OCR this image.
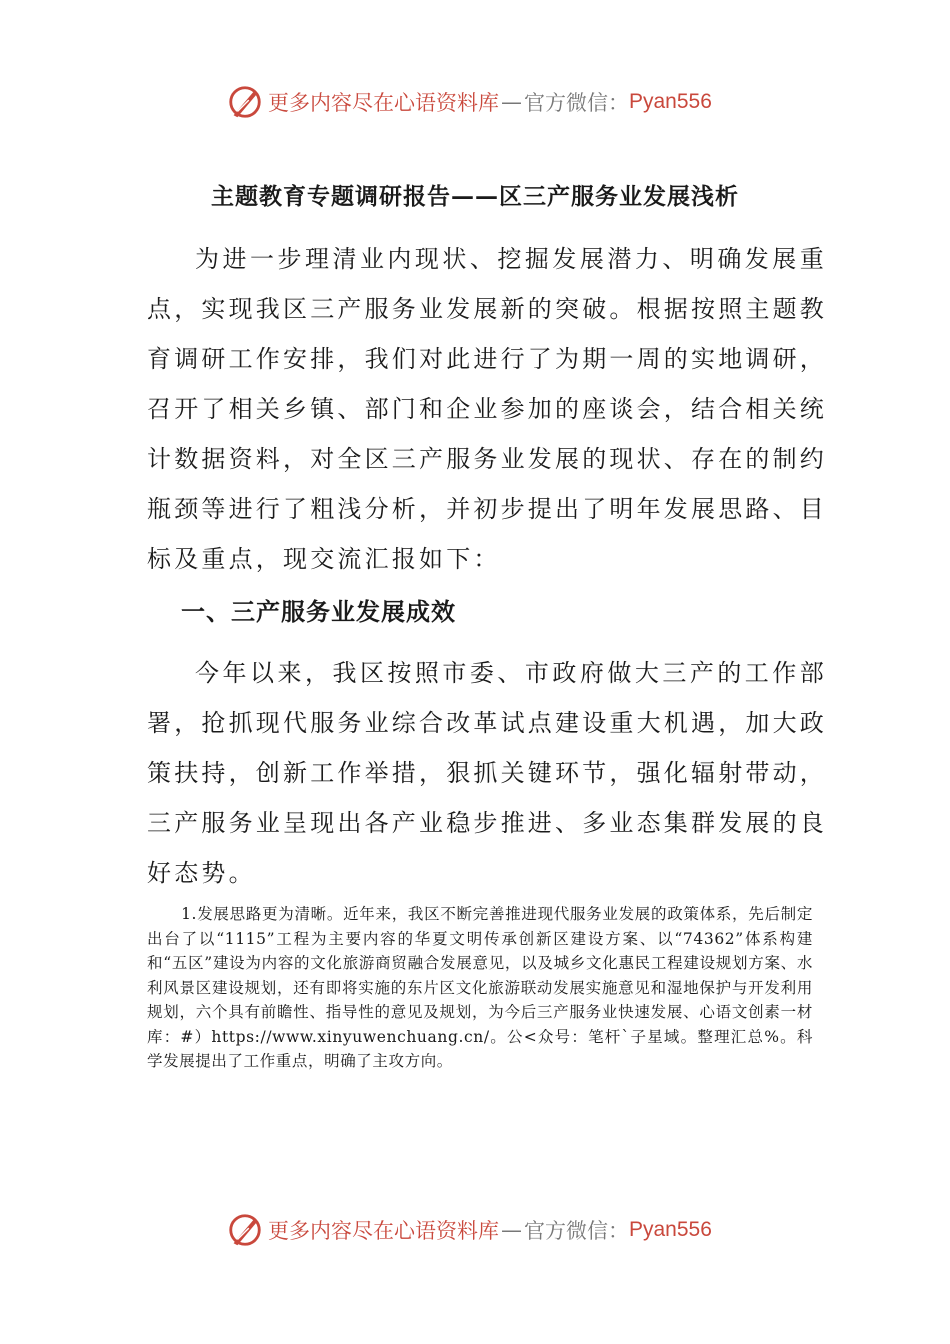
更多内容尽在心语资料库 — 官方微信： Pyan556
主题教育专题调研报告——区三产服务业发展浅析

为进一步理清业内现状、挖掘发展潜力、明确发展重点，实现我区三产服务业发展新的突破。根据按照主题教育调研工作安排，我们对此进行了为期一周的实地调研，召开了相关乡镇、部门和企业参加的座谈会，结合相关统计数据资料，对全区三产服务业发展的现状、存在的制约瓶颈等进行了粗浅分析，并初步提出了明年发展思路、目标及重点，现交流汇报如下：

一、三产服务业发展成效

今年以来，我区按照市委、市政府做大三产的工作部署，抢抓现代服务业综合改革试点建设重大机遇，加大政策扶持，创新工作举措，狠抓关键环节，强化辐射带动，三产服务业呈现出各产业稳步推进、多业态集群发展的良好态势。

1.发展思路更为清晰。近年来，我区不断完善推进现代服务业发展的政策体系，先后制定出台了以“1115”工程为主要内容的华夏文明传承创新区建设方案、以“74362”体系构建和“五区”建设为内容的文化旅游商贸融合发展意见，以及城乡文化惠民工程建设规划方案、水利风景区建设规划，还有即将实施的东片区文化旅游联动发展实施意见和湿地保护与开发利用规划，六个具有前瞻性、指导性的意见及规划，为今后三产服务业快速发展、心语文创素一材库：#）https://www.xinyuwenchuang.cn/。公<众号：笔杆`子星域。整理汇总%。科学发展提出了工作重点，明确了主攻方向。

更多内容尽在心语资料库 — 官方微信： Pyan556
